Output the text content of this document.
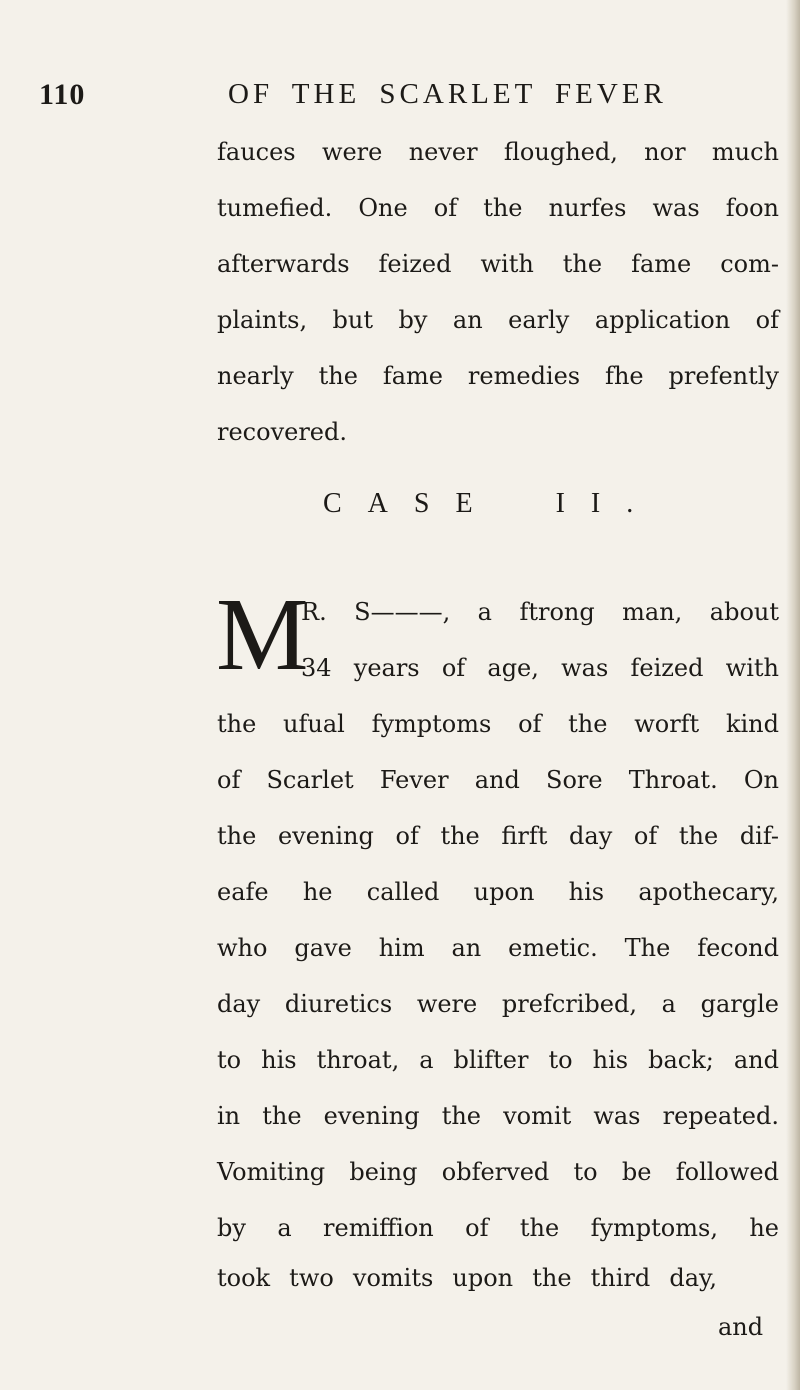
110	OF THE SCARLET FEVER
fauces were never floughed, nor much
tumefied. One of the nurfes was foon
afterwards feized with the fame com-
plaints, but by an early application of
nearly the fame remedies fhe prefently
recovered.
CASE II.
M
R. S———, a ftrong man, about
34 years of age, was feized with
the ufual fymptoms of the worft kind
of Scarlet Fever and Sore Throat. On
the evening of the firft day of the dif-
eafe he called upon his apothecary,
who gave him an emetic. The fecond
day diuretics were prefcribed, a gargle
to his throat, a blifter to his back; and
in the evening the vomit was repeated.
Vomiting being obferved to be followed
by a remiffion of the fymptoms, he
took two vomits upon the third day,
and
